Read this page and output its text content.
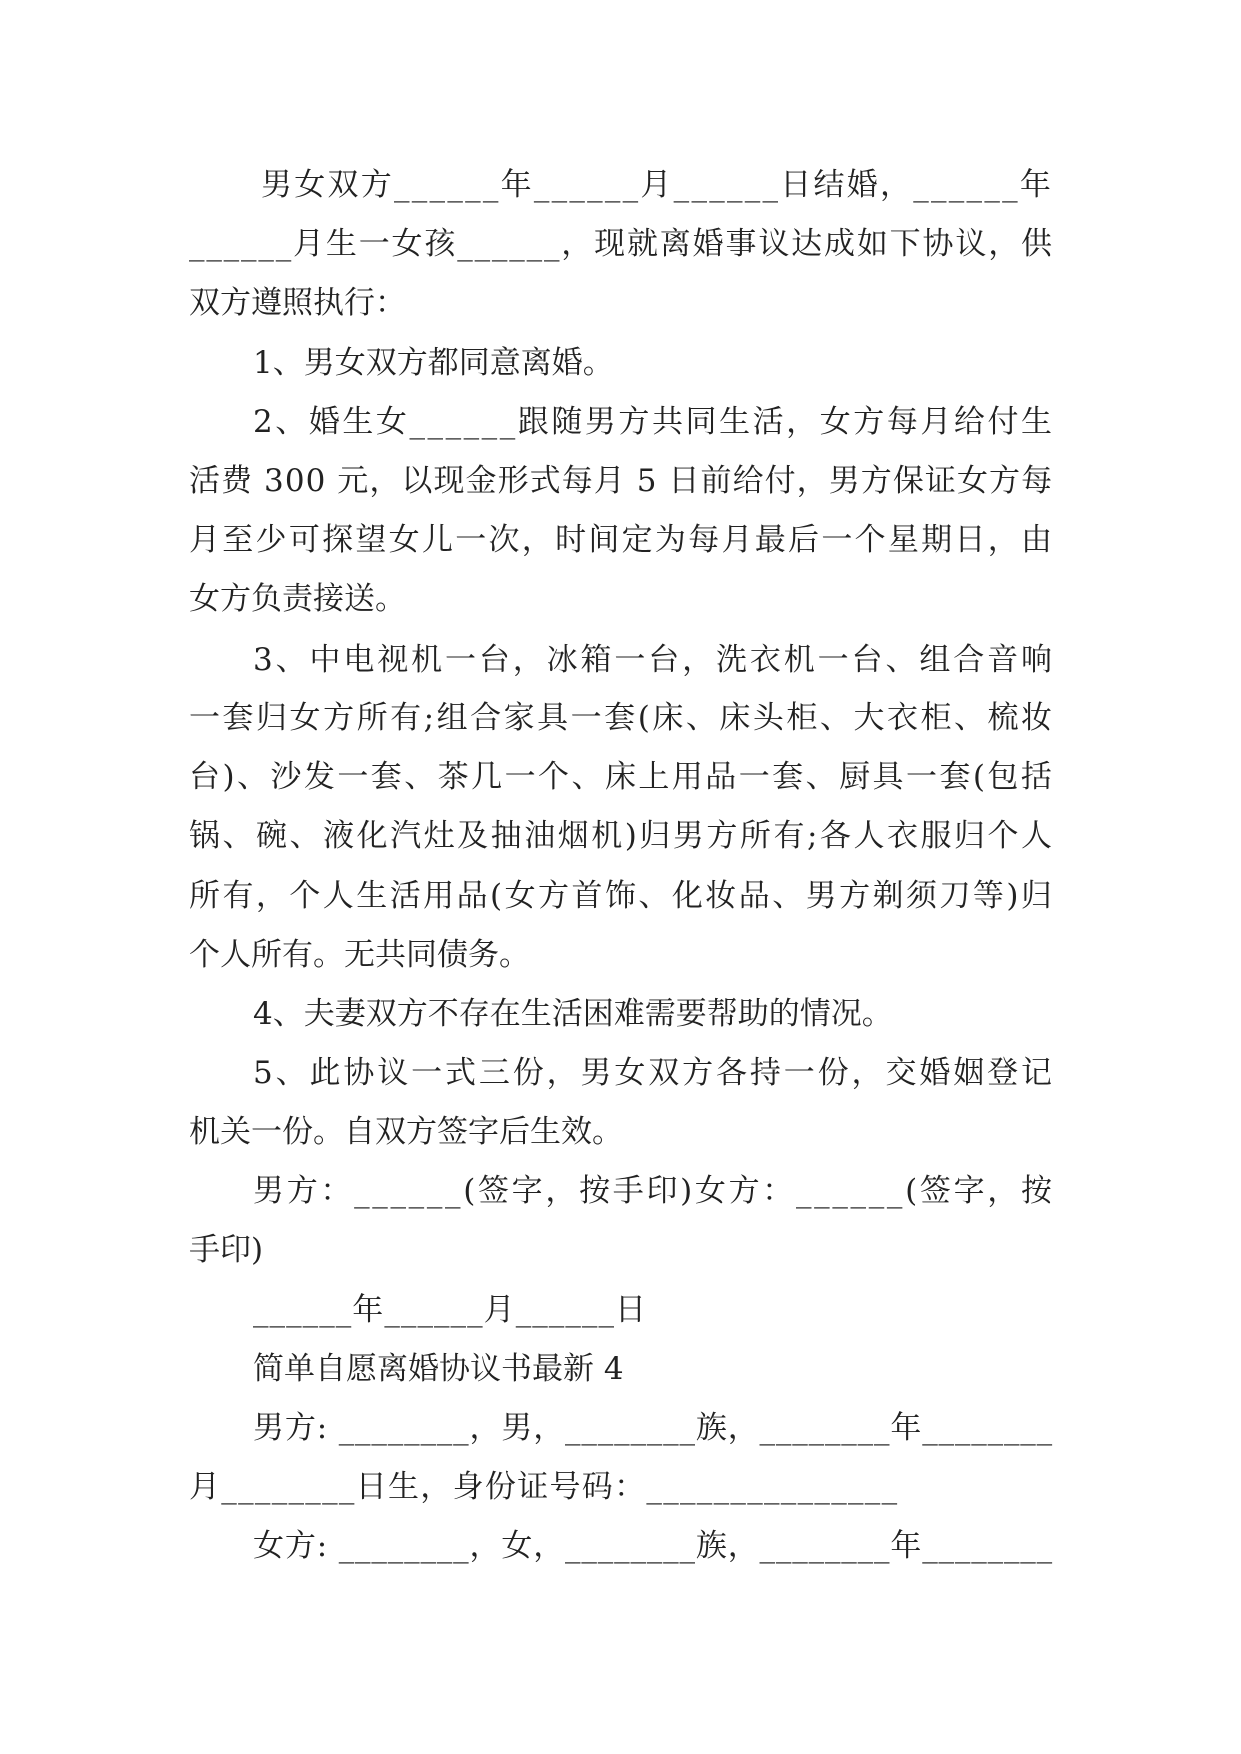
男女双方______年______月______日结婚，______年

______月生一女孩______，现就离婚事议达成如下协议，供

双方遵照执行：

1、男女双方都同意离婚。

2、婚生女______跟随男方共同生活，女方每月给付生

活费 300 元，以现金形式每月 5 日前给付，男方保证女方每

月至少可探望女儿一次，时间定为每月最后一个星期日，由

女方负责接送。

3、中电视机一台，冰箱一台，洗衣机一台、组合音响

一套归女方所有;组合家具一套(床、床头柜、大衣柜、梳妆

台)、沙发一套、茶几一个、床上用品一套、厨具一套(包括

锅、碗、液化汽灶及抽油烟机)归男方所有;各人衣服归个人

所有，个人生活用品(女方首饰、化妆品、男方剃须刀等)归

个人所有。无共同债务。

4、夫妻双方不存在生活困难需要帮助的情况。

5、此协议一式三份，男女双方各持一份，交婚姻登记

机关一份。自双方签字后生效。

男方：______(签字，按手印)女方：______(签字，按

手印)

______年______月______日

简单自愿离婚协议书最新 4

男方: ________，男，________族，________年________

月________日生，身份证号码：_______________

女方: ________，女，________族，________年________
